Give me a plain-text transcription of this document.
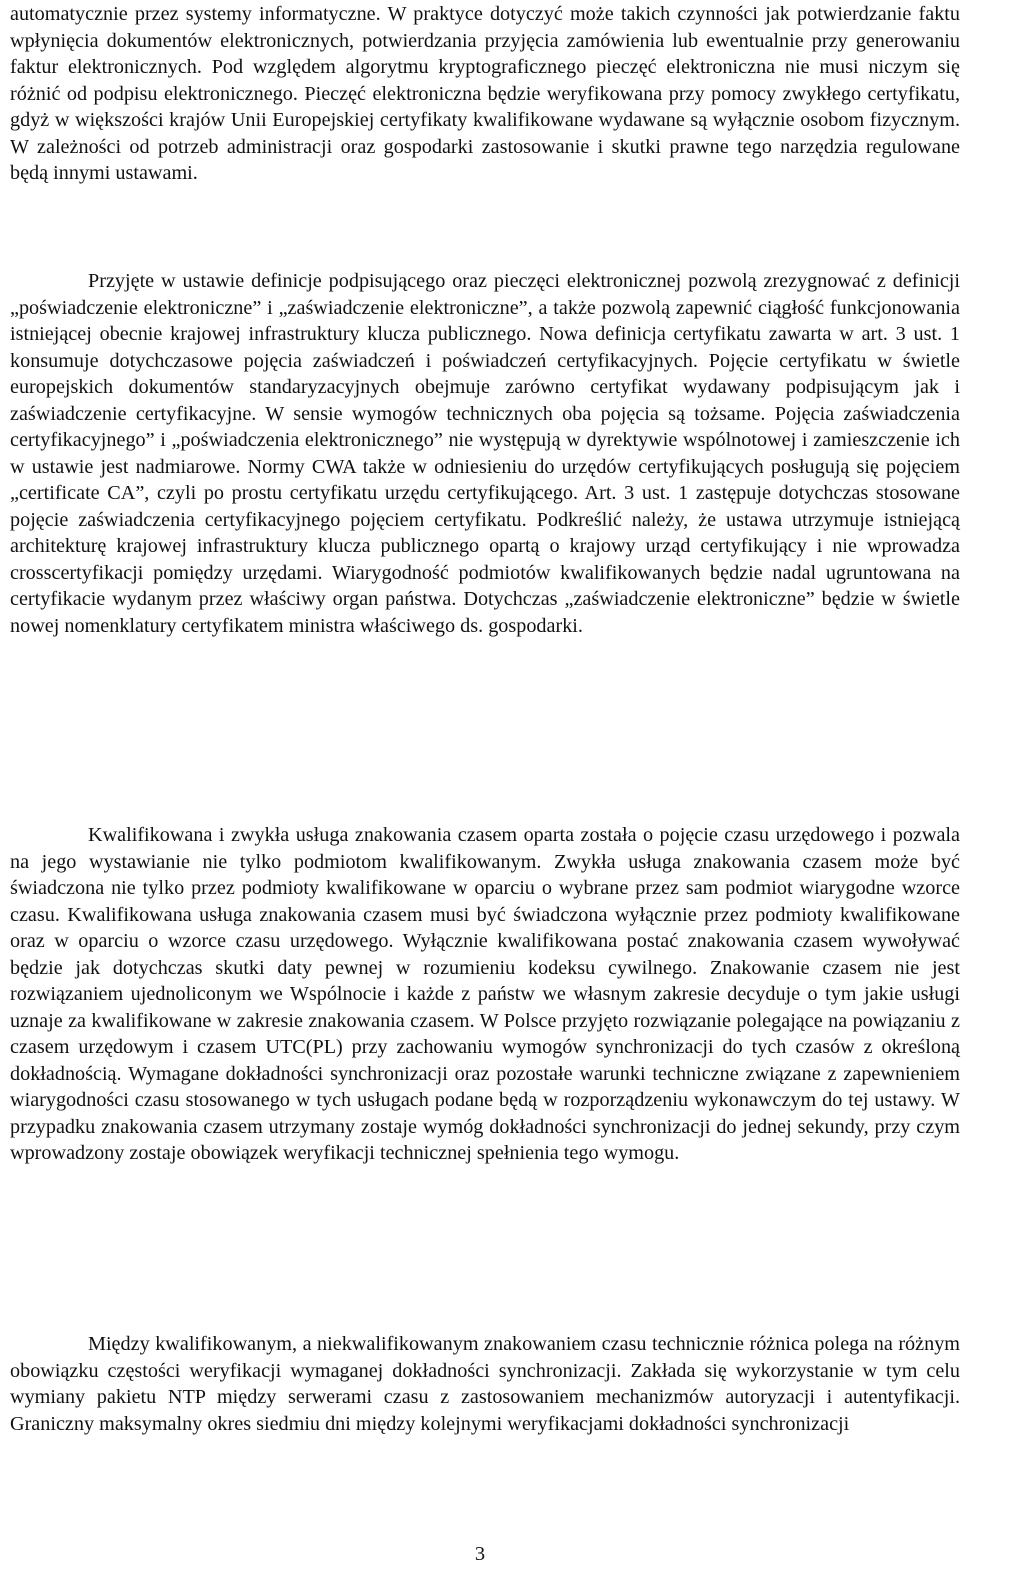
automatycznie przez systemy informatyczne. W praktyce dotyczyć może takich czynności jak potwierdzanie faktu wpłynięcia dokumentów elektronicznych, potwierdzania przyjęcia zamówienia lub ewentualnie przy generowaniu faktur elektronicznych. Pod względem algorytmu kryptograficznego pieczęć elektroniczna nie musi niczym się różnić od podpisu elektronicznego. Pieczęć elektroniczna będzie weryfikowana przy pomocy zwykłego certyfikatu, gdyż w większości krajów Unii Europejskiej certyfikaty kwalifikowane wydawane są wyłącznie osobom fizycznym. W zależności od potrzeb administracji oraz gospodarki zastosowanie i skutki prawne tego narzędzia regulowane będą innymi ustawami.

Przyjęte w ustawie definicje podpisującego oraz pieczęci elektronicznej pozwolą zrezygnować z definicji „poświadczenie elektroniczne” i „zaświadczenie elektroniczne”, a także pozwolą zapewnić ciągłość funkcjonowania istniejącej obecnie krajowej infrastruktury klucza publicznego. Nowa definicja certyfikatu zawarta w art. 3 ust. 1 konsumuje dotychczasowe pojęcia zaświadczeń i poświadczeń certyfikacyjnych. Pojęcie certyfikatu w świetle europejskich dokumentów standaryzacyjnych obejmuje zarówno certyfikat wydawany podpisującym jak i zaświadczenie certyfikacyjne. W sensie wymogów technicznych oba pojęcia są tożsame. Pojęcia zaświadczenia certyfikacyjnego” i „poświadczenia elektronicznego” nie występują w dyrektywie wspólnotowej i zamieszczenie ich w ustawie jest nadmiarowe. Normy CWA także w odniesieniu do urzędów certyfikujących posługują się pojęciem „certificate CA”, czyli po prostu certyfikatu urzędu certyfikującego. Art. 3 ust. 1 zastępuje dotychczas stosowane pojęcie zaświadczenia certyfikacyjnego pojęciem certyfikatu. Podkreślić należy, że ustawa utrzymuje istniejącą architekturę krajowej infrastruktury klucza publicznego opartą o krajowy urząd certyfikujący i nie wprowadza crosscertyfikacji pomiędzy urzędami. Wiarygodność podmiotów kwalifikowanych będzie nadal ugruntowana na certyfikacie wydanym przez właściwy organ państwa. Dotychczas „zaświadczenie elektroniczne” będzie w świetle nowej nomenklatury certyfikatem ministra właściwego ds. gospodarki.

Kwalifikowana i zwykła usługa znakowania czasem oparta została o pojęcie czasu urzędowego i pozwala na jego wystawianie nie tylko podmiotom kwalifikowanym. Zwykła usługa znakowania czasem może być świadczona nie tylko przez podmioty kwalifikowane w oparciu o wybrane przez sam podmiot wiarygodne wzorce czasu. Kwalifikowana usługa znakowania czasem musi być świadczona wyłącznie przez podmioty kwalifikowane oraz w oparciu o wzorce czasu urzędowego. Wyłącznie kwalifikowana postać znakowania czasem wywoływać będzie jak dotychczas skutki daty pewnej w rozumieniu kodeksu cywilnego. Znakowanie czasem nie jest rozwiązaniem ujednoliconym we Wspólnocie i każde z państw we własnym zakresie decyduje o tym jakie usługi uznaje za kwalifikowane w zakresie znakowania czasem. W Polsce przyjęto rozwiązanie polegające na powiązaniu z czasem urzędowym i czasem UTC(PL) przy zachowaniu wymogów synchronizacji do tych czasów z określoną dokładnością. Wymagane dokładności synchronizacji oraz pozostałe warunki techniczne związane z zapewnieniem wiarygodności czasu stosowanego w tych usługach podane będą w rozporządzeniu wykonawczym do tej ustawy. W przypadku znakowania czasem utrzymany zostaje wymóg dokładności synchronizacji do jednej sekundy, przy czym wprowadzony zostaje obowiązek weryfikacji technicznej spełnienia tego wymogu.

Między kwalifikowanym, a niekwalifikowanym znakowaniem czasu technicznie różnica polega na różnym obowiązku częstości weryfikacji wymaganej dokładności synchronizacji. Zakłada się wykorzystanie w tym celu wymiany pakietu NTP między serwerami czasu z zastosowaniem mechanizmów autoryzacji i autentyfikacji. Graniczny maksymalny okres siedmiu dni między kolejnymi weryfikacjami dokładności synchronizacji

3
